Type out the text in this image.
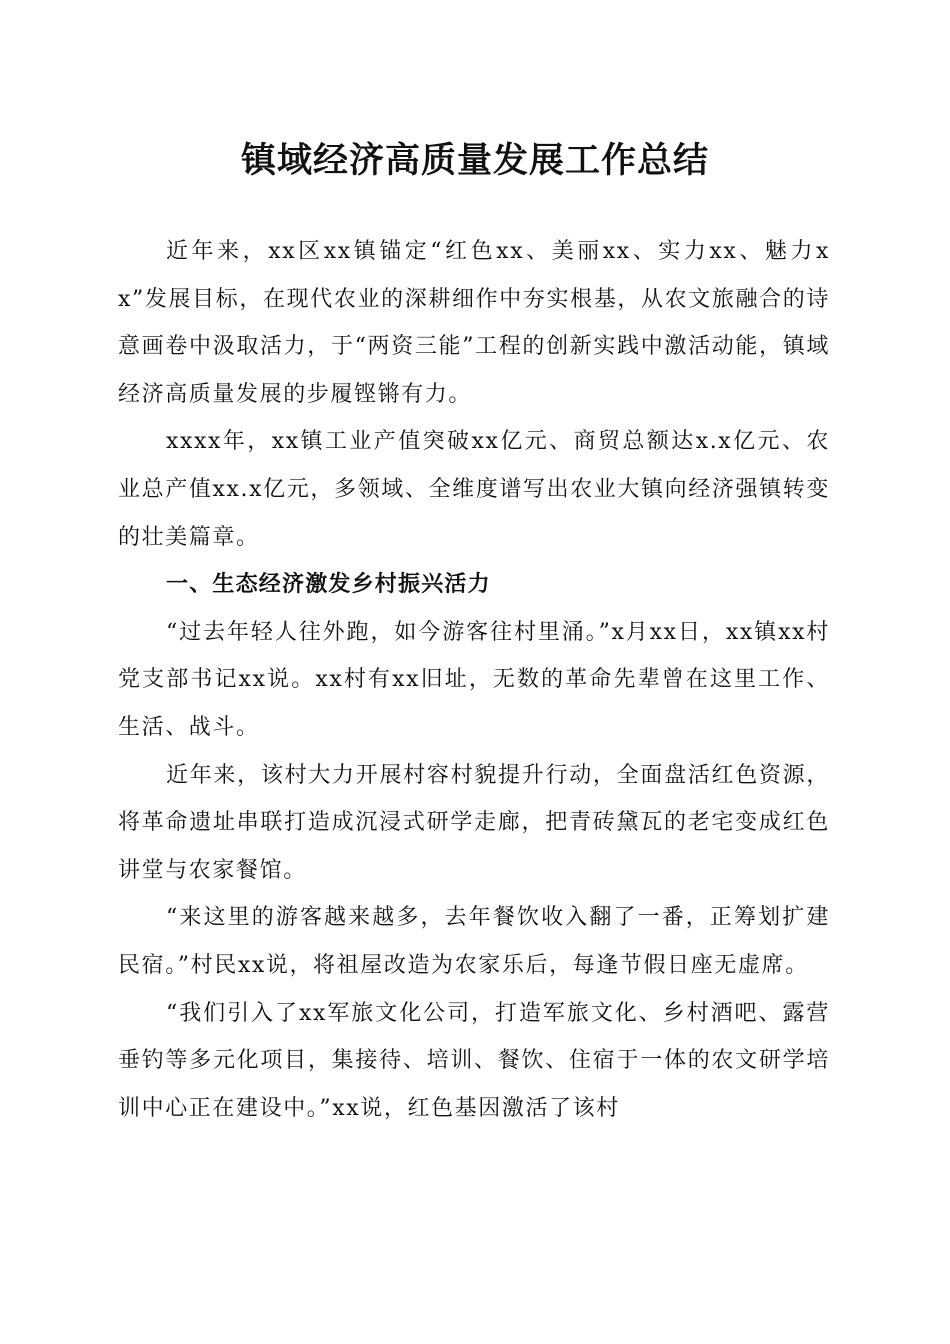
镇域经济高质量发展工作总结

近年来，xx区xx镇锚定“红色xx、美丽xx、实力xx、魅力xx”发展目标，在现代农业的深耕细作中夯实根基，从农文旅融合的诗意画卷中汲取活力，于“两资三能”工程的创新实践中激活动能，镇域经济高质量发展的步履铿锵有力。

xxxx年，xx镇工业产值突破xx亿元、商贸总额达x.x亿元、农业总产值xx.x亿元，多领域、全维度谱写出农业大镇向经济强镇转变的壮美篇章。

一、生态经济激发乡村振兴活力

“过去年轻人往外跑，如今游客往村里涌。”x月xx日，xx镇xx村党支部书记xx说。xx村有xx旧址，无数的革命先辈曾在这里工作、生活、战斗。

近年来，该村大力开展村容村貌提升行动，全面盘活红色资源，将革命遗址串联打造成沉浸式研学走廊，把青砖黛瓦的老宅变成红色讲堂与农家餐馆。

“来这里的游客越来越多，去年餐饮收入翻了一番，正筹划扩建民宿。”村民xx说，将祖屋改造为农家乐后，每逢节假日座无虚席。

“我们引入了xx军旅文化公司，打造军旅文化、乡村酒吧、露营垂钓等多元化项目，集接待、培训、餐饮、住宿于一体的农文研学培训中心正在建设中。”xx说，红色基因激活了该村
